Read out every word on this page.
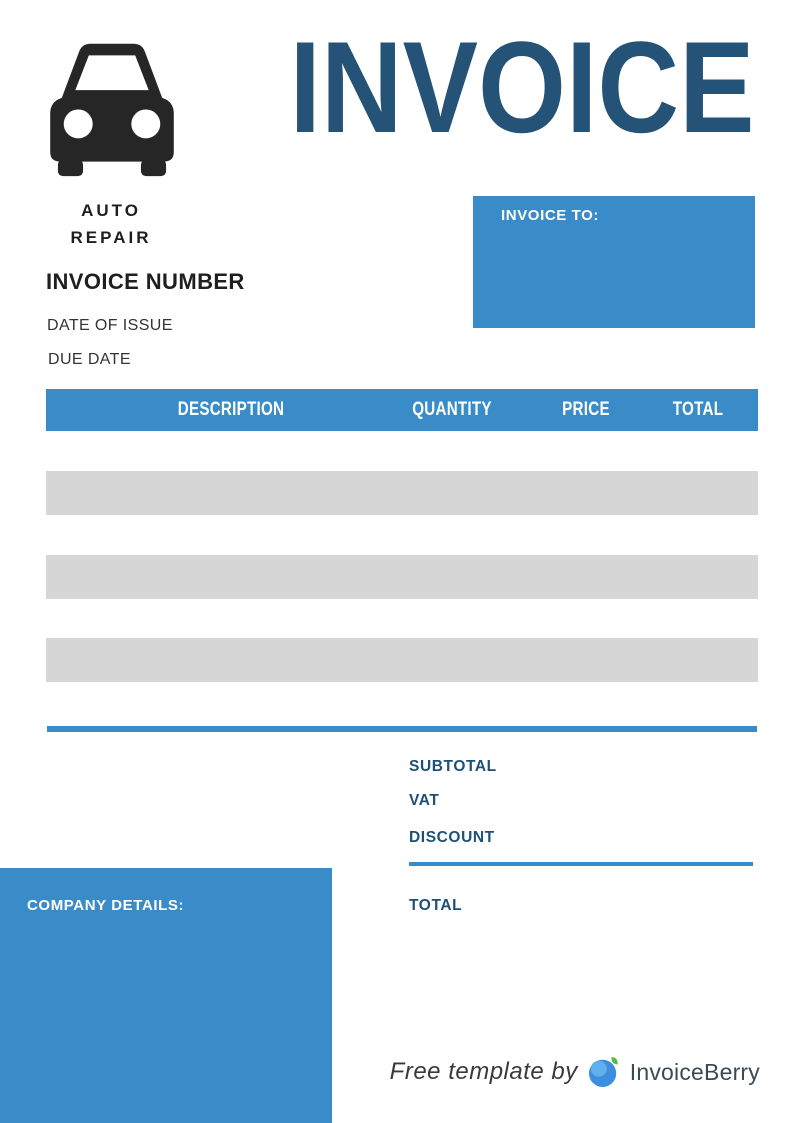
AUTO
REPAIR
INVOICE
INVOICE TO:
INVOICE NUMBER
DATE OF ISSUE
DUE DATE
DESCRIPTION	QUANTITY	PRICE	TOTAL
SUBTOTAL
VAT
DISCOUNT
TOTAL
COMPANY DETAILS:
Free template by InvoiceBerry
